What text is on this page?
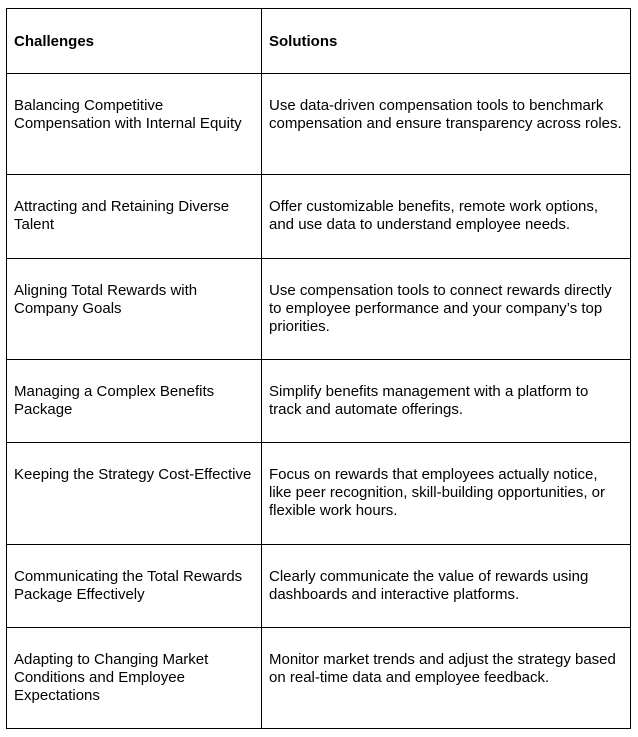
Challenges	Solutions
Balancing Competitive Compensation with Internal Equity	Use data-driven compensation tools to benchmark compensation and ensure transparency across roles.
Attracting and Retaining Diverse Talent	Offer customizable benefits, remote work options, and use data to understand employee needs.
Aligning Total Rewards with Company Goals	Use compensation tools to connect rewards directly to employee performance and your company’s top priorities.
Managing a Complex Benefits Package	Simplify benefits management with a platform to track and automate offerings.
Keeping the Strategy Cost-Effective	Focus on rewards that employees actually notice, like peer recognition, skill-building opportunities, or flexible work hours.
Communicating the Total Rewards Package Effectively	Clearly communicate the value of rewards using dashboards and interactive platforms.
Adapting to Changing Market Conditions and Employee Expectations	Monitor market trends and adjust the strategy based on real-time data and employee feedback.
